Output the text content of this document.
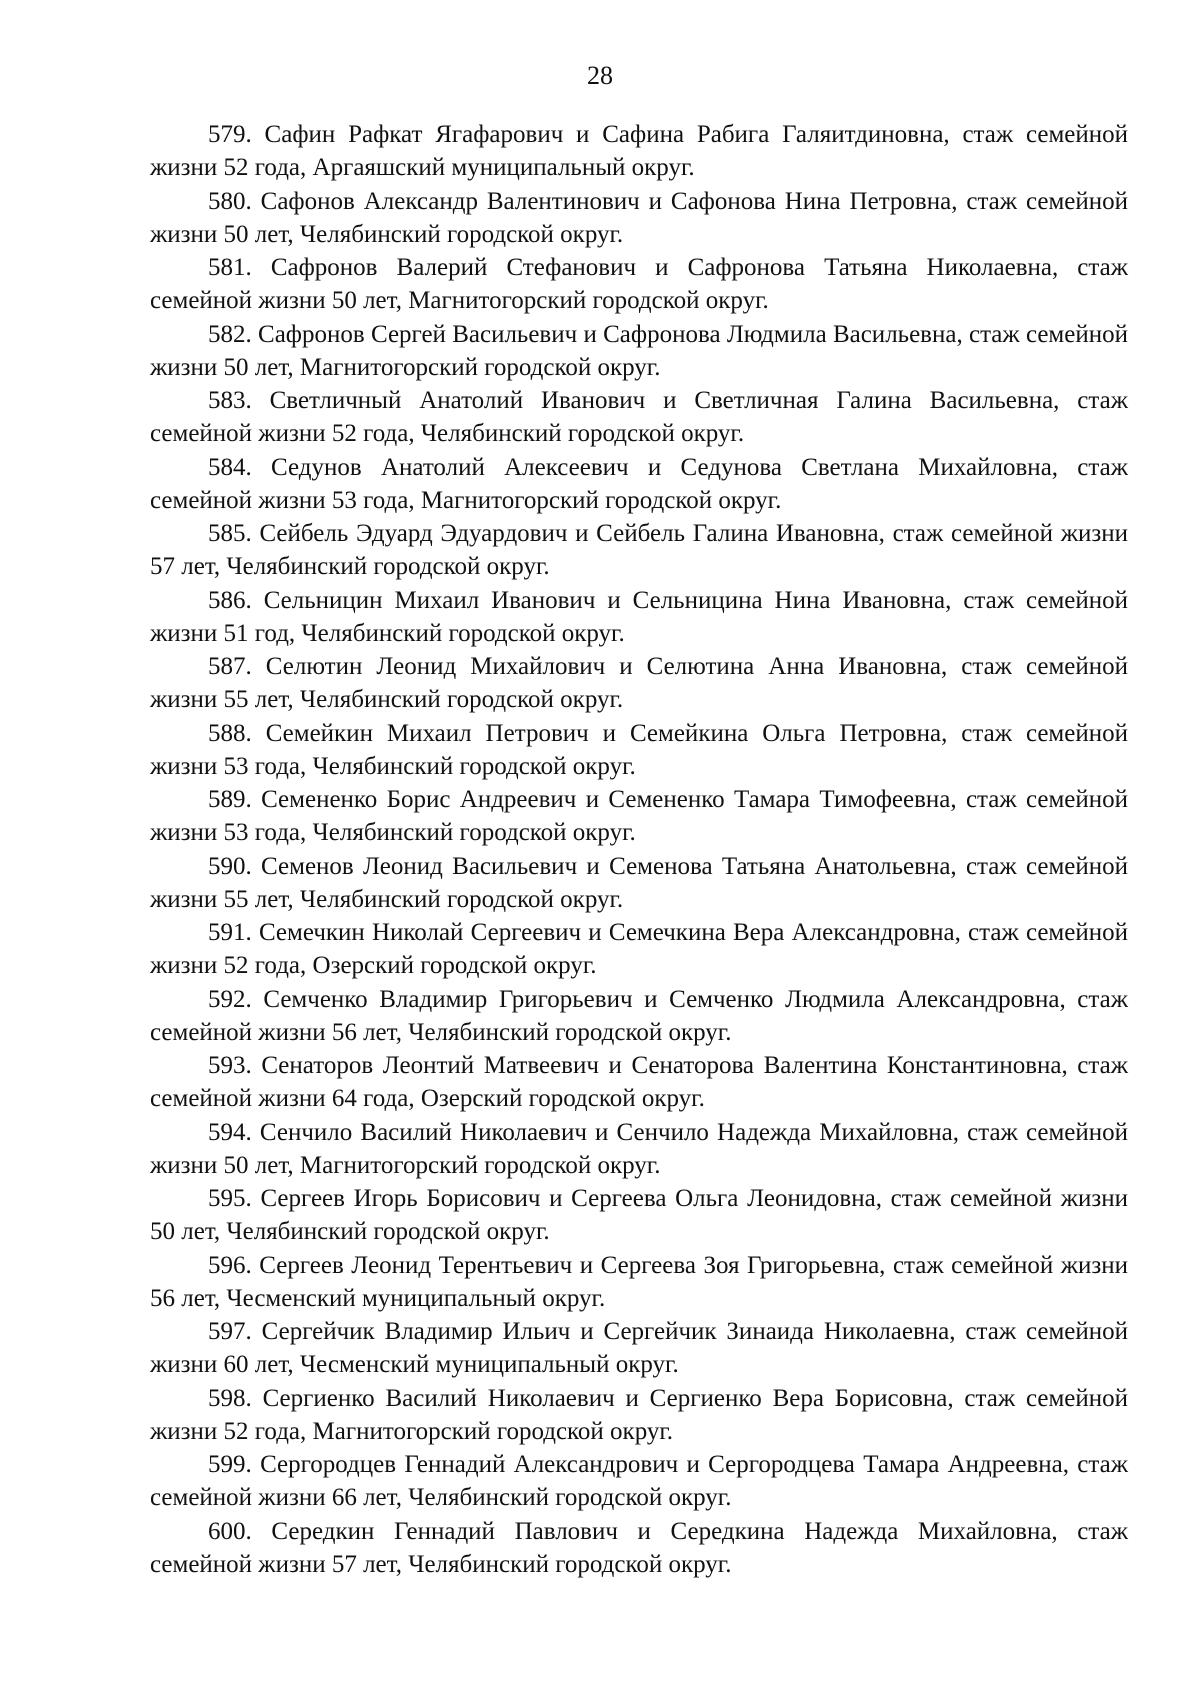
28

579. Сафин Рафкат Ягафарович и Сафина Рабига Галяитдиновна, стаж семейной жизни 52 года, Аргаяшский муниципальный округ.

580. Сафонов Александр Валентинович и Сафонова Нина Петровна, стаж семейной жизни 50 лет, Челябинский городской округ.

581. Сафронов Валерий Стефанович и Сафронова Татьяна Николаевна, стаж семейной жизни 50 лет, Магнитогорский городской округ.

582. Сафронов Сергей Васильевич и Сафронова Людмила Васильевна, стаж семейной жизни 50 лет, Магнитогорский городской округ.

583. Светличный Анатолий Иванович и Светличная Галина Васильевна, стаж семейной жизни 52 года, Челябинский городской округ.

584. Седунов Анатолий Алексеевич и Седунова Светлана Михайловна, стаж семейной жизни 53 года, Магнитогорский городской округ.

585. Сейбель Эдуард Эдуардович и Сейбель Галина Ивановна, стаж семейной жизни 57 лет, Челябинский городской округ.

586. Сельницин Михаил Иванович и Сельницина Нина Ивановна, стаж семейной жизни 51 год, Челябинский городской округ.

587. Селютин Леонид Михайлович и Селютина Анна Ивановна, стаж семейной жизни 55 лет, Челябинский городской округ.

588. Семейкин Михаил Петрович и Семейкина Ольга Петровна, стаж семейной жизни 53 года, Челябинский городской округ.

589. Семененко Борис Андреевич и Семененко Тамара Тимофеевна, стаж семейной жизни 53 года, Челябинский городской округ.

590. Семенов Леонид Васильевич и Семенова Татьяна Анатольевна, стаж семейной жизни 55 лет, Челябинский городской округ.

591. Семечкин Николай Сергеевич и Семечкина Вера Александровна, стаж семейной жизни 52 года, Озерский городской округ.

592. Семченко Владимир Григорьевич и Семченко Людмила Александровна, стаж семейной жизни 56 лет, Челябинский городской округ.

593. Сенаторов Леонтий Матвеевич и Сенаторова Валентина Константиновна, стаж семейной жизни 64 года, Озерский городской округ.

594. Сенчило Василий Николаевич и Сенчило Надежда Михайловна, стаж семейной жизни 50 лет, Магнитогорский городской округ.

595. Сергеев Игорь Борисович и Сергеева Ольга Леонидовна, стаж семейной жизни 50 лет, Челябинский городской округ.

596. Сергеев Леонид Терентьевич и Сергеева Зоя Григорьевна, стаж семейной жизни 56 лет, Чесменский муниципальный округ.

597. Сергейчик Владимир Ильич и Сергейчик Зинаида Николаевна, стаж семейной жизни 60 лет, Чесменский муниципальный округ.

598. Сергиенко Василий Николаевич и Сергиенко Вера Борисовна, стаж семейной жизни 52 года, Магнитогорский городской округ.

599. Сергородцев Геннадий Александрович и Сергородцева Тамара Андреевна, стаж семейной жизни 66 лет, Челябинский городской округ.

600. Середкин Геннадий Павлович и Середкина Надежда Михайловна, стаж семейной жизни 57 лет, Челябинский городской округ.
